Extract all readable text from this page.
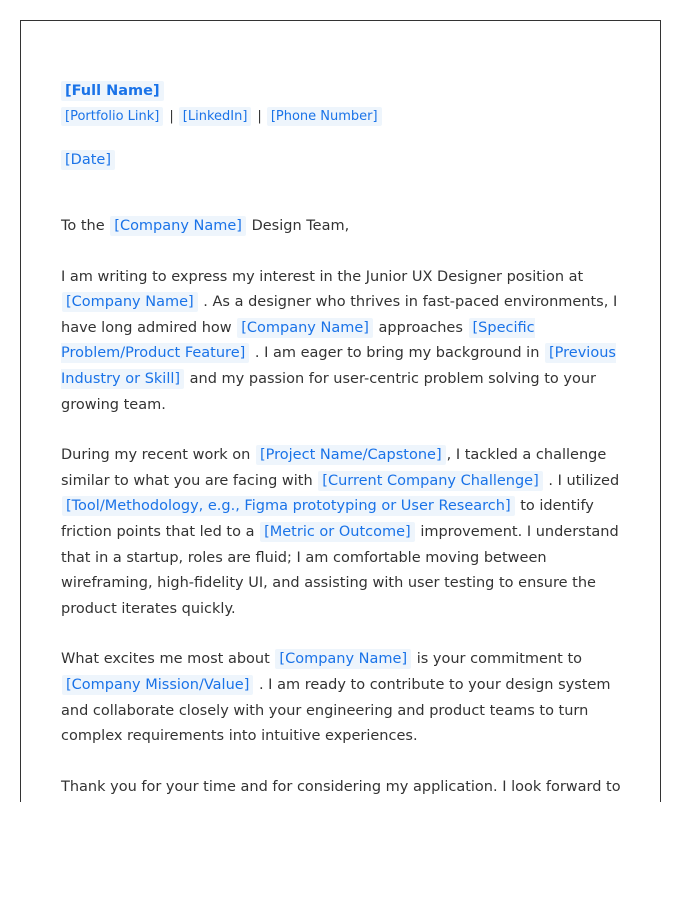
[Full Name]
[Portfolio Link] | [LinkedIn] | [Phone Number]
[Date]

To the [Company Name] Design Team,

I am writing to express my interest in the Junior UX Designer position at [Company Name] . As a designer who thrives in fast-paced environments, I have long admired how [Company Name] approaches [Specific Problem/Product Feature] . I am eager to bring my background in [Previous Industry or Skill] and my passion for user-centric problem solving to your growing team.

During my recent work on [Project Name/Capstone] , I tackled a challenge similar to what you are facing with [Current Company Challenge] . I utilized [Tool/Methodology, e.g., Figma prototyping or User Research] to identify friction points that led to a [Metric or Outcome] improvement. I understand that in a startup, roles are fluid; I am comfortable moving between wireframing, high-fidelity UI, and assisting with user testing to ensure the product iterates quickly.

What excites me most about [Company Name] is your commitment to [Company Mission/Value] . I am ready to contribute to your design system and collaborate closely with your engineering and product teams to turn complex requirements into intuitive experiences.

Thank you for your time and for considering my application. I look forward to
